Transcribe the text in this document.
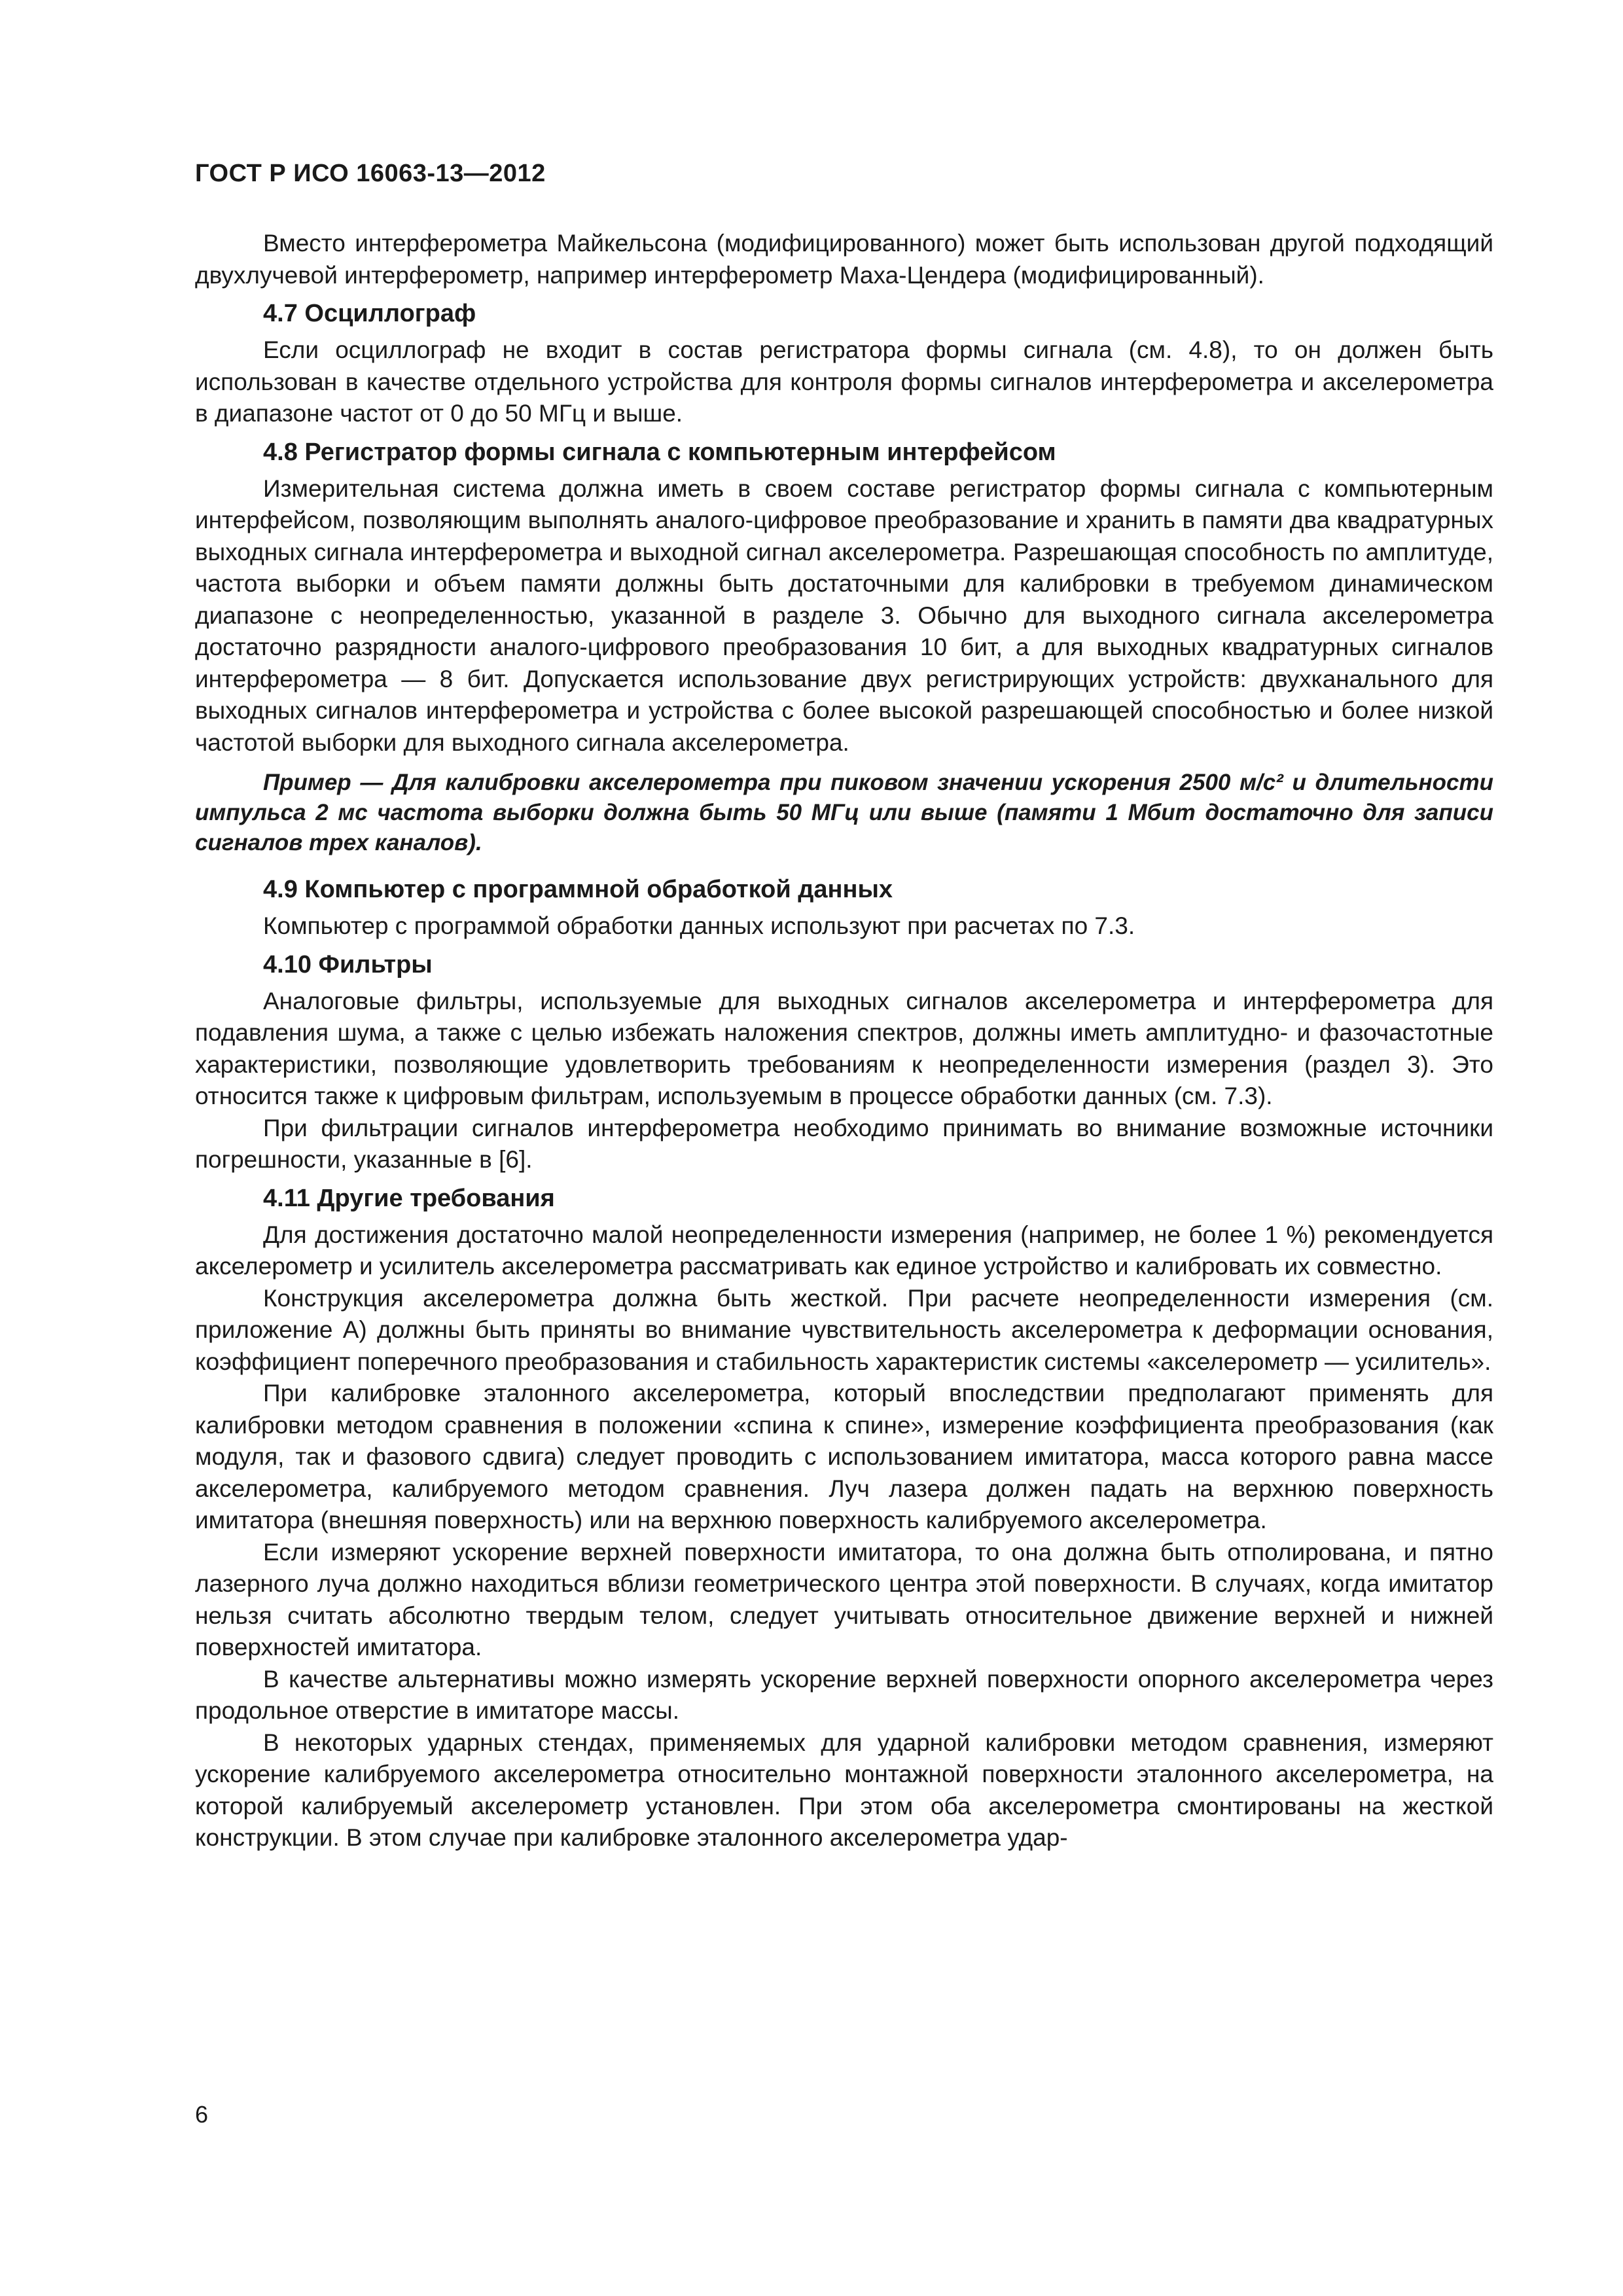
ГОСТ Р ИСО 16063-13—2012

Вместо интерферометра Майкельсона (модифицированного) может быть использован другой подходящий двухлучевой интерферометр, например интерферометр Маха-Цендера (модифицированный).

4.7 Осциллограф

Если осциллограф не входит в состав регистратора формы сигнала (см. 4.8), то он должен быть использован в качестве отдельного устройства для контроля формы сигналов интерферометра и акселерометра в диапазоне частот от 0 до 50 МГц и выше.

4.8 Регистратор формы сигнала с компьютерным интерфейсом

Измерительная система должна иметь в своем составе регистратор формы сигнала с компьютерным интерфейсом, позволяющим выполнять аналого-цифровое преобразование и хранить в памяти два квадратурных выходных сигнала интерферометра и выходной сигнал акселерометра. Разрешающая способность по амплитуде, частота выборки и объем памяти должны быть достаточными для калибровки в требуемом динамическом диапазоне с неопределенностью, указанной в разделе 3. Обычно для выходного сигнала акселерометра достаточно разрядности аналого-цифрового преобразования 10 бит, а для выходных квадратурных сигналов интерферометра — 8 бит. Допускается использование двух регистрирующих устройств: двухканального для выходных сигналов интерферометра и устройства с более высокой разрешающей способностью и более низкой частотой выборки для выходного сигнала акселерометра.

Пример — Для калибровки акселерометра при пиковом значении ускорения 2500 м/с² и длительности импульса 2 мс частота выборки должна быть 50 МГц или выше (памяти 1 Мбит достаточно для записи сигналов трех каналов).

4.9 Компьютер с программной обработкой данных

Компьютер с программой обработки данных используют при расчетах по 7.3.

4.10 Фильтры

Аналоговые фильтры, используемые для выходных сигналов акселерометра и интерферометра для подавления шума, а также с целью избежать наложения спектров, должны иметь амплитудно- и фазочастотные характеристики, позволяющие удовлетворить требованиям к неопределенности измерения (раздел 3). Это относится также к цифровым фильтрам, используемым в процессе обработки данных (см. 7.3).

При фильтрации сигналов интерферометра необходимо принимать во внимание возможные источники погрешности, указанные в [6].

4.11 Другие требования

Для достижения достаточно малой неопределенности измерения (например, не более 1 %) рекомендуется акселерометр и усилитель акселерометра рассматривать как единое устройство и калибровать их совместно.

Конструкция акселерометра должна быть жесткой. При расчете неопределенности измерения (см. приложение А) должны быть приняты во внимание чувствительность акселерометра к деформации основания, коэффициент поперечного преобразования и стабильность характеристик системы «акселерометр — усилитель».

При калибровке эталонного акселерометра, который впоследствии предполагают применять для калибровки методом сравнения в положении «спина к спине», измерение коэффициента преобразования (как модуля, так и фазового сдвига) следует проводить с использованием имитатора, масса которого равна массе акселерометра, калибруемого методом сравнения. Луч лазера должен падать на верхнюю поверхность имитатора (внешняя поверхность) или на верхнюю поверхность калибруемого акселерометра.

Если измеряют ускорение верхней поверхности имитатора, то она должна быть отполирована, и пятно лазерного луча должно находиться вблизи геометрического центра этой поверхности. В случаях, когда имитатор нельзя считать абсолютно твердым телом, следует учитывать относительное движение верхней и нижней поверхностей имитатора.

В качестве альтернативы можно измерять ускорение верхней поверхности опорного акселерометра через продольное отверстие в имитаторе массы.

В некоторых ударных стендах, применяемых для ударной калибровки методом сравнения, измеряют ускорение калибруемого акселерометра относительно монтажной поверхности эталонного акселерометра, на которой калибруемый акселерометр установлен. При этом оба акселерометра смонтированы на жесткой конструкции. В этом случае при калибровке эталонного акселерометра удар-

6
